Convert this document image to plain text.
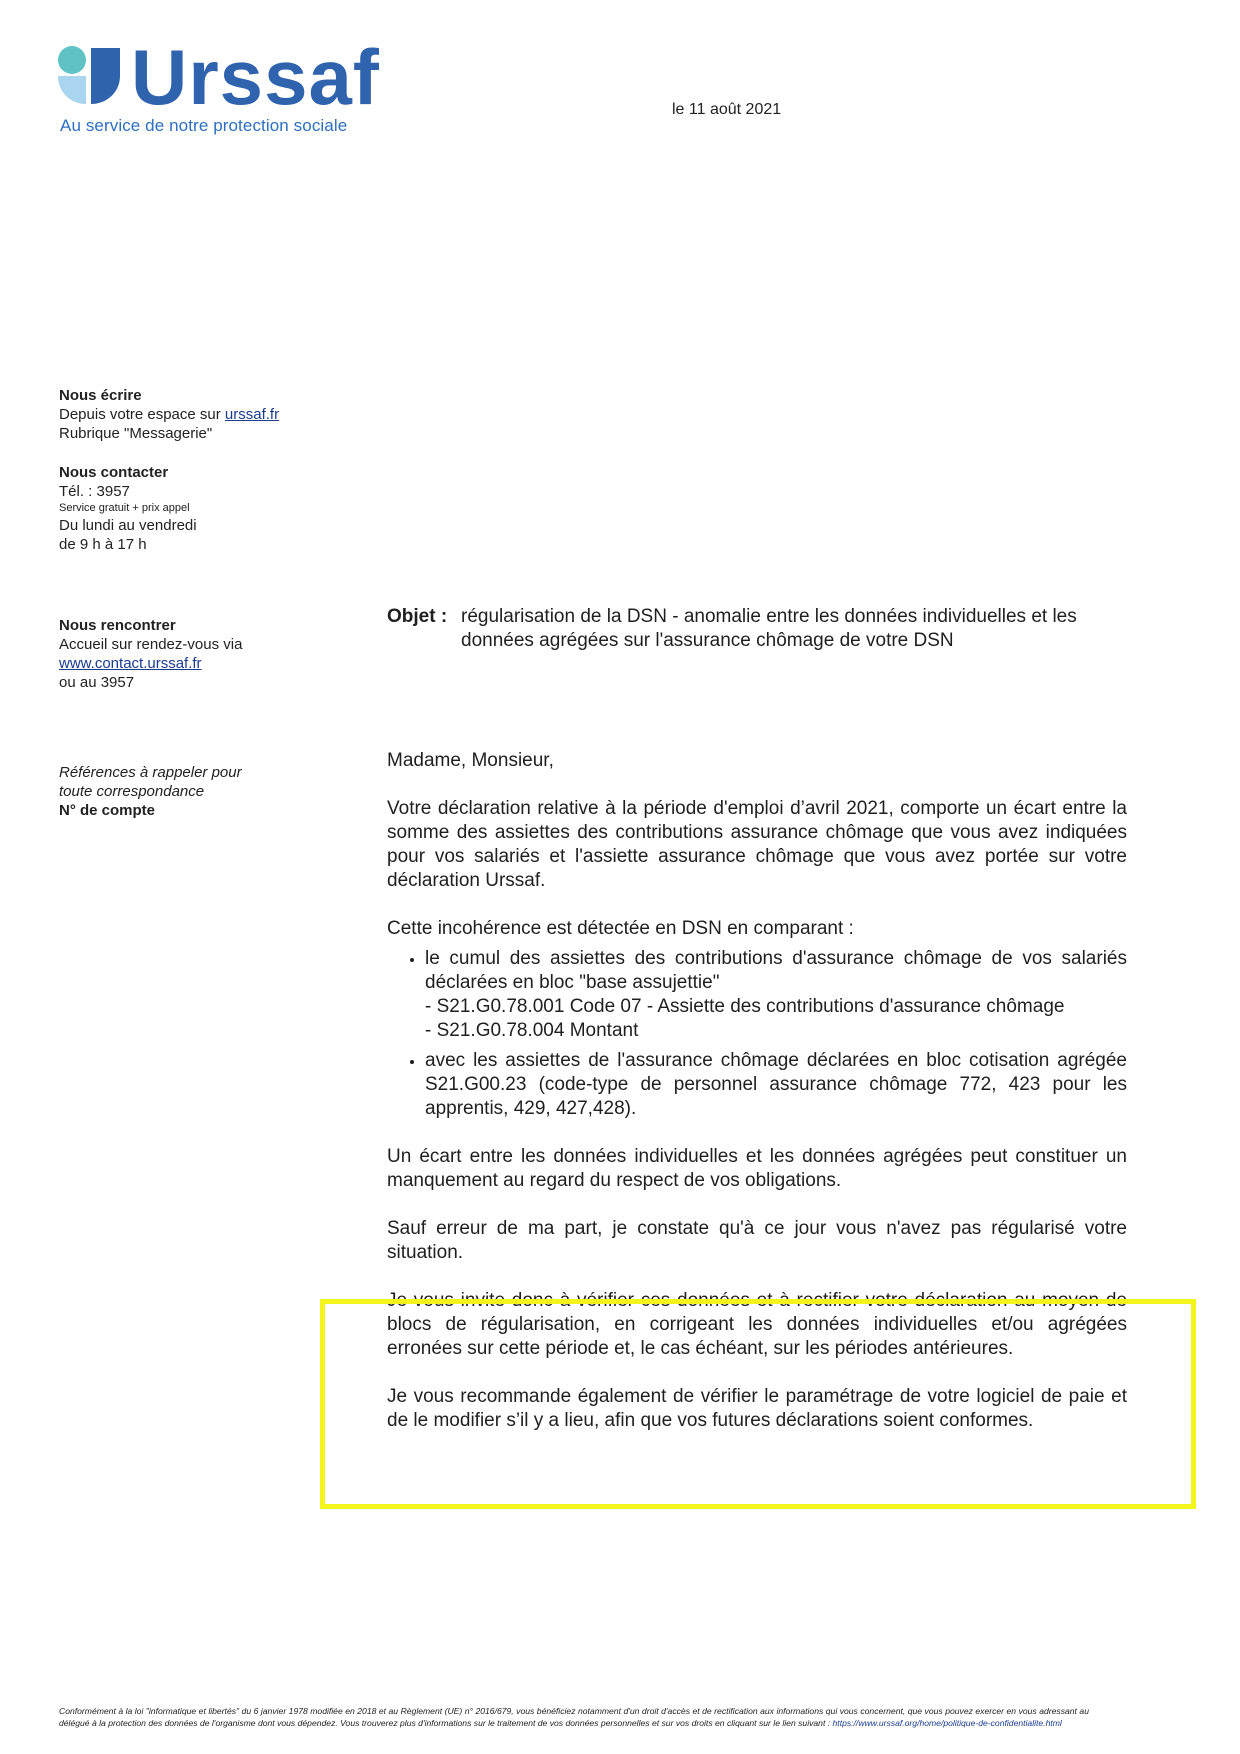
Urssaf
Au service de notre protection sociale
le 11 août 2021
Nous écrire
Depuis votre espace sur urssaf.fr
Rubrique "Messagerie"
Nous contacter
Tél. : 3957
Service gratuit + prix appel
Du lundi au vendredi
de 9 h à 17 h
Nous rencontrer
Accueil sur rendez-vous via
www.contact.urssaf.fr
ou au 3957
Références à rappeler pour
toute correspondance
N° de compte
Objet : régularisation de la DSN - anomalie entre les données individuelles et les données agrégées sur l'assurance chômage de votre DSN

Madame, Monsieur,

Votre déclaration relative à la période d'emploi d’avril 2021, comporte un écart entre la somme des assiettes des contributions assurance chômage que vous avez indiquées pour vos salariés et l'assiette assurance chômage que vous avez portée sur votre déclaration Urssaf.

Cette incohérence est détectée en DSN en comparant :

• le cumul des assiettes des contributions d'assurance chômage de vos salariés déclarées en bloc "base assujettie"
- S21.G0.78.001 Code 07 - Assiette des contributions d'assurance chômage
- S21.G0.78.004 Montant
• avec les assiettes de l'assurance chômage déclarées en bloc cotisation agrégée S21.G00.23 (code-type de personnel assurance chômage 772, 423 pour les apprentis, 429, 427,428).

Un écart entre les données individuelles et les données agrégées peut constituer un manquement au regard du respect de vos obligations.

Sauf erreur de ma part, je constate qu'à ce jour vous n'avez pas régularisé votre situation.

Je vous invite donc à vérifier ces données et à rectifier votre déclaration au moyen de blocs de régularisation, en corrigeant les données individuelles et/ou agrégées erronées sur cette période et, le cas échéant, sur les périodes antérieures.

Je vous recommande également de vérifier le paramétrage de votre logiciel de paie et de le modifier s’il y a lieu, afin que vos futures déclarations soient conformes.

Conformément à la loi "informatique et libertés" du 6 janvier 1978 modifiée en 2018 et au Règlement (UE) n° 2016/679, vous bénéficiez notamment d'un droit d'accès et de rectification aux informations qui vous concernent, que vous pouvez exercer en vous adressant au délégué à la protection des données de l'organisme dont vous dépendez. Vous trouverez plus d'informations sur le traitement de vos données personnelles et sur vos droits en cliquant sur le lien suivant : https://www.urssaf.org/home/politique-de-confidentialite.html
